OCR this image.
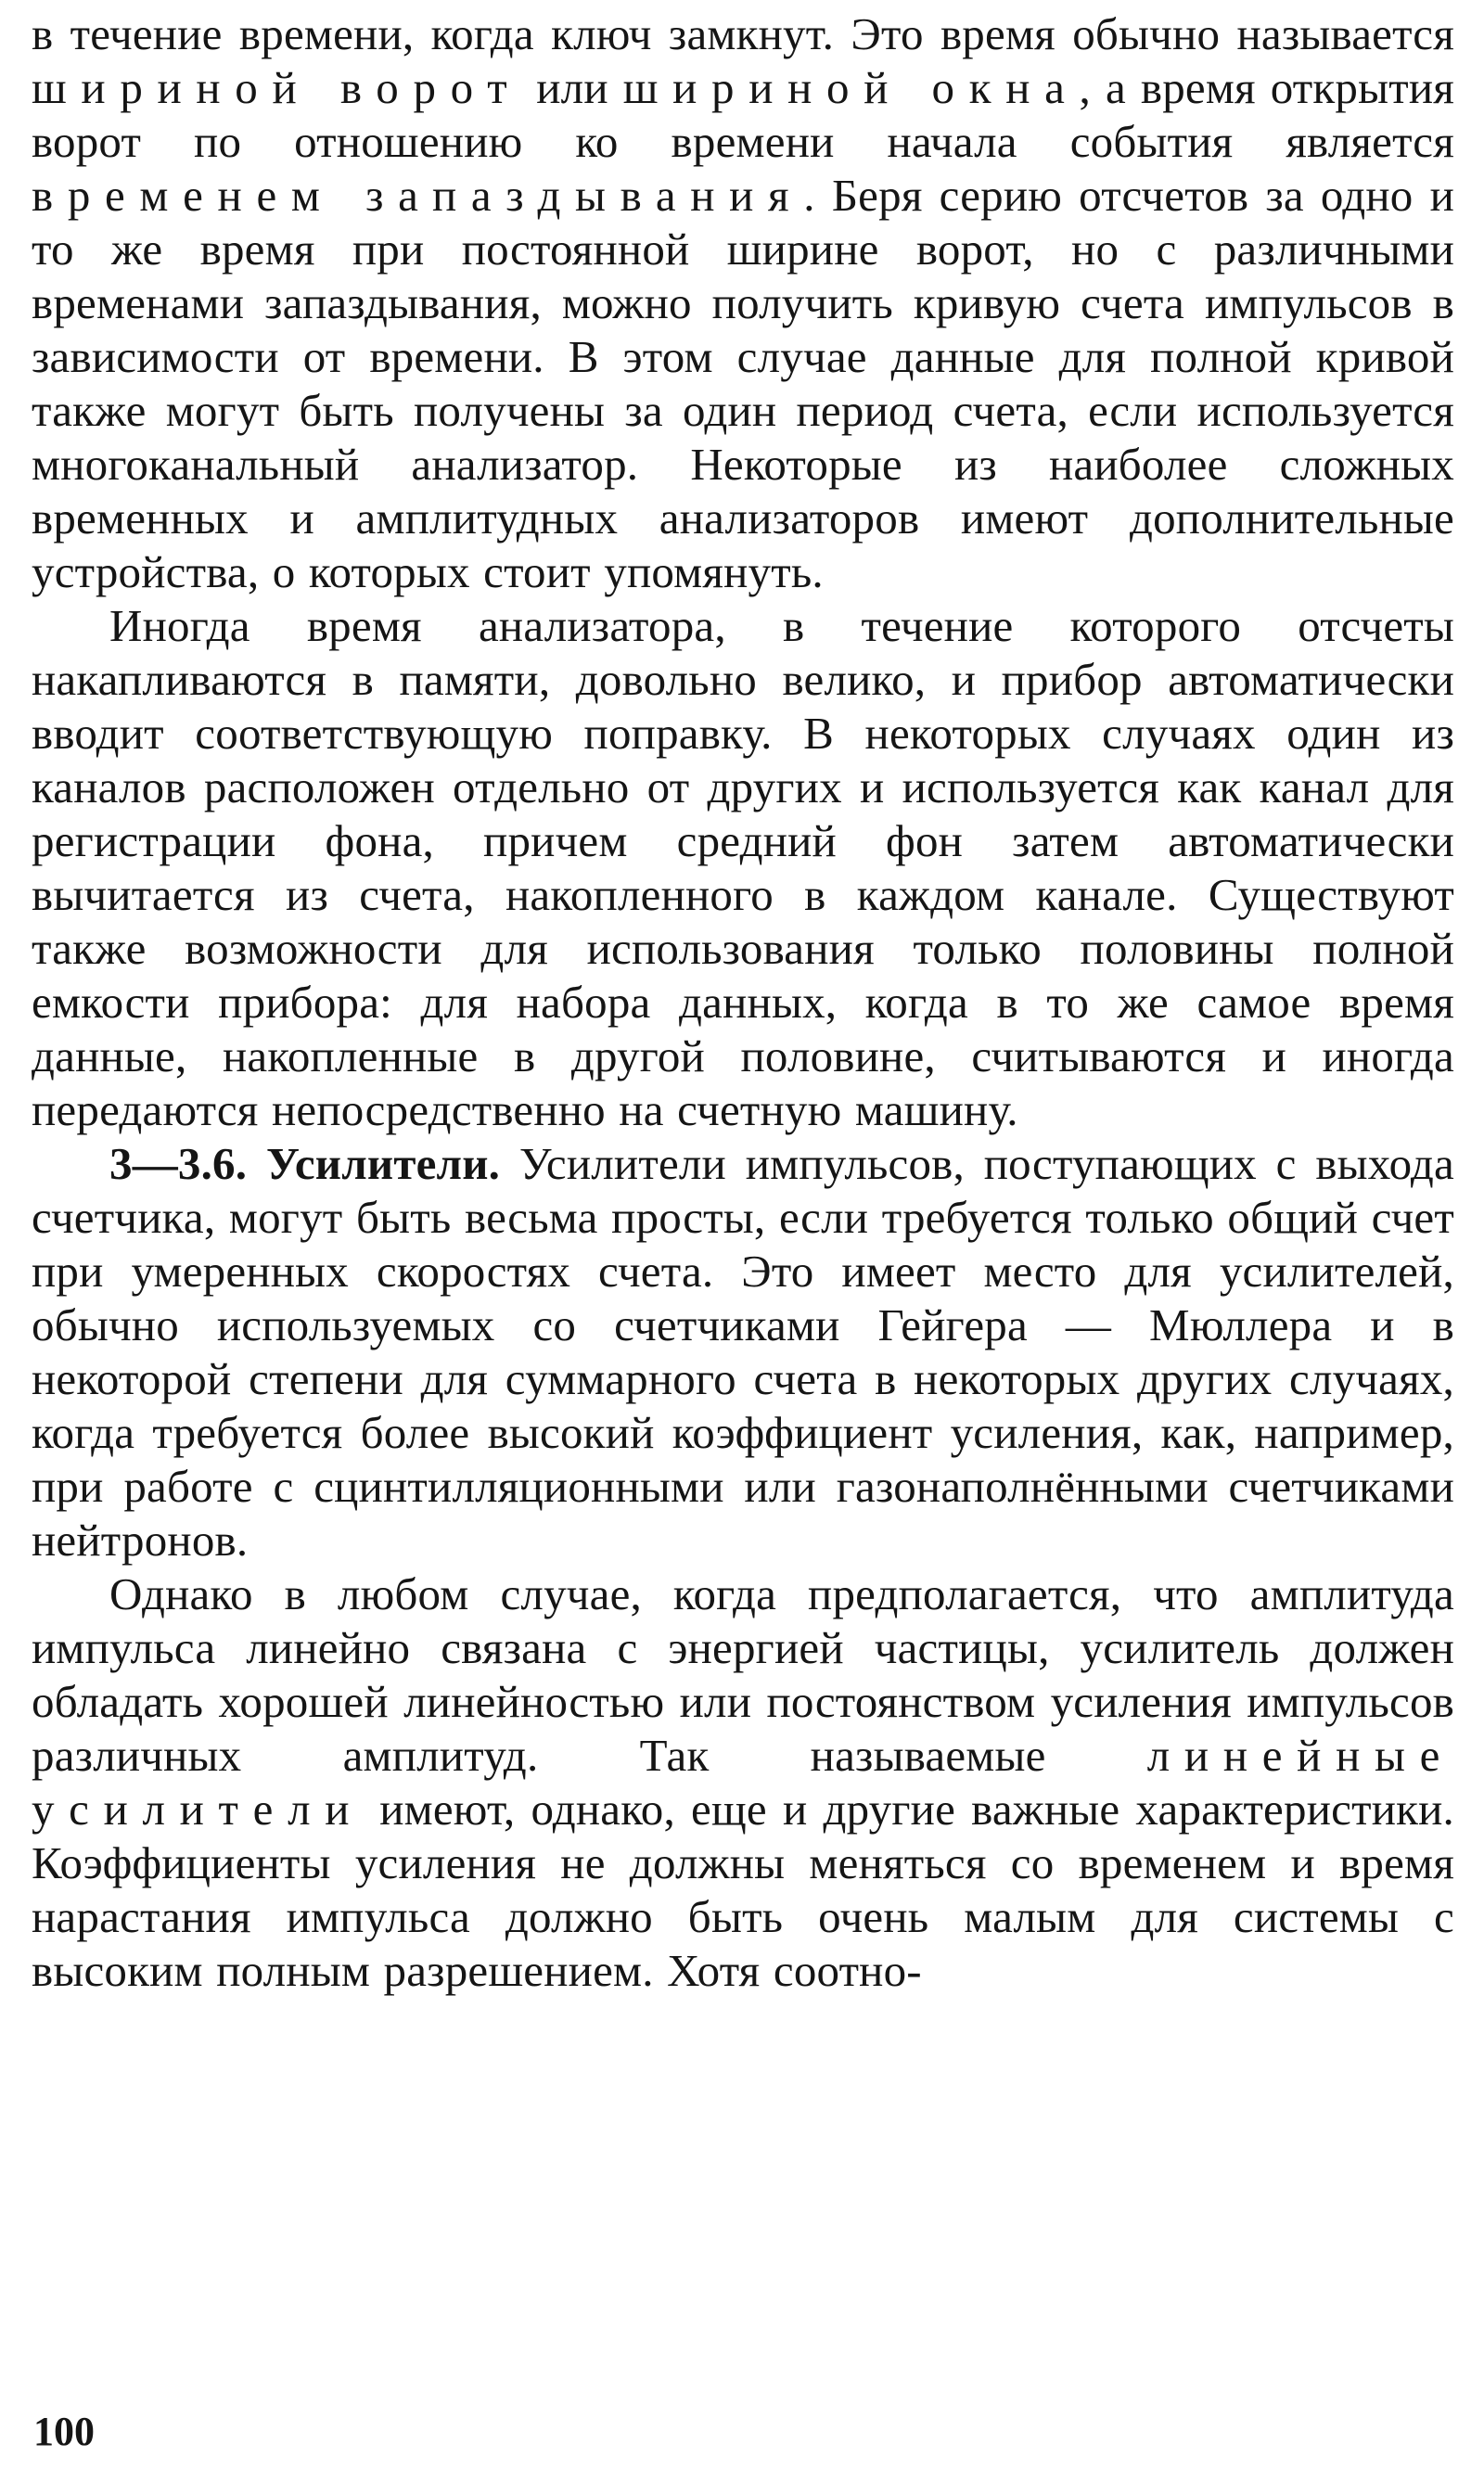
в течение времени, когда ключ замкнут. Это время обычно называется шириной ворот или шириной окна, а время открытия ворот по отношению ко времени начала события является временем запаздывания. Беря серию отсчетов за одно и то же время при постоянной ширине ворот, но с различными временами запаздывания, можно получить кривую счета импульсов в зависимости от времени. В этом случае данные для полной кривой также могут быть получены за один период счета, если используется многоканальный анализатор. Некоторые из наиболее сложных временных и амплитудных анализаторов имеют дополнительные устройства, о которых стоит упомянуть.

Иногда время анализатора, в течение которого отсчеты накапливаются в памяти, довольно велико, и прибор автоматически вводит соответствующую поправку. В некоторых случаях один из каналов расположен отдельно от других и используется как канал для регистрации фона, причем средний фон затем автоматически вычитается из счета, накопленного в каждом канале. Существуют также возможности для использования только половины полной емкости прибора: для набора данных, когда в то же самое время данные, накопленные в другой половине, считываются и иногда передаются непосредственно на счетную машину.

3—3.6. Усилители. Усилители импульсов, поступающих с выхода счетчика, могут быть весьма просты, если требуется только общий счет при умеренных скоростях счета. Это имеет место для усилителей, обычно используемых со счетчиками Гейгера — Мюллера и в некоторой степени для суммарного счета в некоторых других случаях, когда требуется более высокий коэффициент усиления, как, например, при работе с сцинтилляционными или газонаполнёнными счетчиками нейтронов.

Однако в любом случае, когда предполагается, что амплитуда импульса линейно связана с энергией частицы, усилитель должен обладать хорошей линейностью или постоянством усиления импульсов различных амплитуд. Так называемые линейные усилители имеют, однако, еще и другие важные характеристики. Коэффициенты усиления не должны меняться со временем и время нарастания импульса должно быть очень малым для системы с высоким полным разрешением. Хотя соотно-

100
